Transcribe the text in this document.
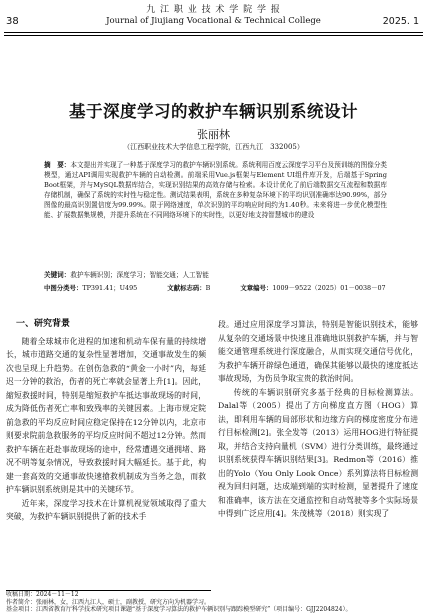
九 江 职 业 技 术 学 院 学 报
38	Journal of Jiujiang Vocational & Technical College	2025. 1
基于深度学习的救护车辆识别系统设计
张丽林
（江西职业技术大学信息工程学院，江西九江　332005）
摘　要：本文提出并实现了一种基于深度学习的救护车辆识别系统。系统利用百度云深度学习平台及预训练的图像分类模型，通过API调用实现救护车辆的自动检测。前端采用Vue.js框架与Element UI组件库开发，后端基于Spring Boot框架，并与MySQL数据库结合，实现识别结果的高效存储与检索。本设计优化了前后端数据交互流程和数据库存储机制，确保了系统的实时性与稳定性。测试结果表明，系统在多种复杂环境下的平均识别准确率达90.99%，部分图像的最高识别置信度为99.99%。限于网络速度，单次识别的平均响应时间约为1.40秒。未来将进一步优化模型性能、扩展数据集规模，并提升系统在不同网络环境下的实时性，以更好地支持智慧城市的建设
关键词：救护车辆识别；深度学习；智能交通；人工智能
中图分类号：TP391.41；U495	文献标志码：B	文章编号：1009－9522（2025）01－0038－07
一、研究背景

随着全球城市化进程的加速和机动车保有量的持续增长，城市道路交通的复杂性显著增加，交通事故发生的频次也呈现上升趋势。在创伤急救的“黄金一小时”内，每延迟一分钟的救治，伤者的死亡率就会显著上升[1]。因此，縮短救援时间，特别是缩短救护车抵达事故现场的时间，成为降低伤者死亡率和致残率的关键因素。上海市规定院前急救的平均反应时间应稳定保持在12分钟以内，北京市则要求院前急救服务的平均反应时间不超过12分钟。然而救护车辆在赶赴事故现场的途中，经常遭遇交通拥堵、路况不明等复杂情况，导致救援时间大幅延长。基于此，构建一套高效的交通事故快速搶救机制成为当务之急，而救护车辆识别系统则是其中的关键环节。

近年来，深度学习技术在计算机视觉领域取得了重大突破，为救护车辆识别提供了新的技术手

段。通过应用深度学习算法，特别是智能识别技术，能够从复杂的交通场景中快速且准确地识别救护车辆，并与智能交通管理系统进行深度融合，从而实现交通信号优化，为救护车辆开辟绿色通道，确保其能够以最快的速度抵达事故现场，为伤员争取宝贵的救治时间。

传统的车辆识别研究多基于经典的目标检测算法。Dalal等（2005）提出了方向梯度直方图（HOG）算法，即利用车辆的局部形状和边缘方向的梯度密度分布进行目标检测[2]。张全发等（2013）运用HOG进行特征提取，并结合支持向量机（SVM）进行分类训练，最终通过识别系统获得车辆识别结果[3]。Redmon等（2016）推出的Yolo（You Only Look Once）系列算法将目标检测视为回归问题，达成端到端的实时检测，显著提升了速度和准确率，该方法在交通监控和自动驾驶等多个实际场景中得到广泛应用[4]。朱茂桃等（2018）则实现了

收稿日期：2024－11－12
作者简介：张丽林，女，江西九江人，硕士，副教授，研究方向为机器学习。
基金项目：江西省教育厅科学技术研究项目课题“基于深度学习算法的救护车辆识别与跟踪模型研究”（项目编号：GJJ2204824）。
